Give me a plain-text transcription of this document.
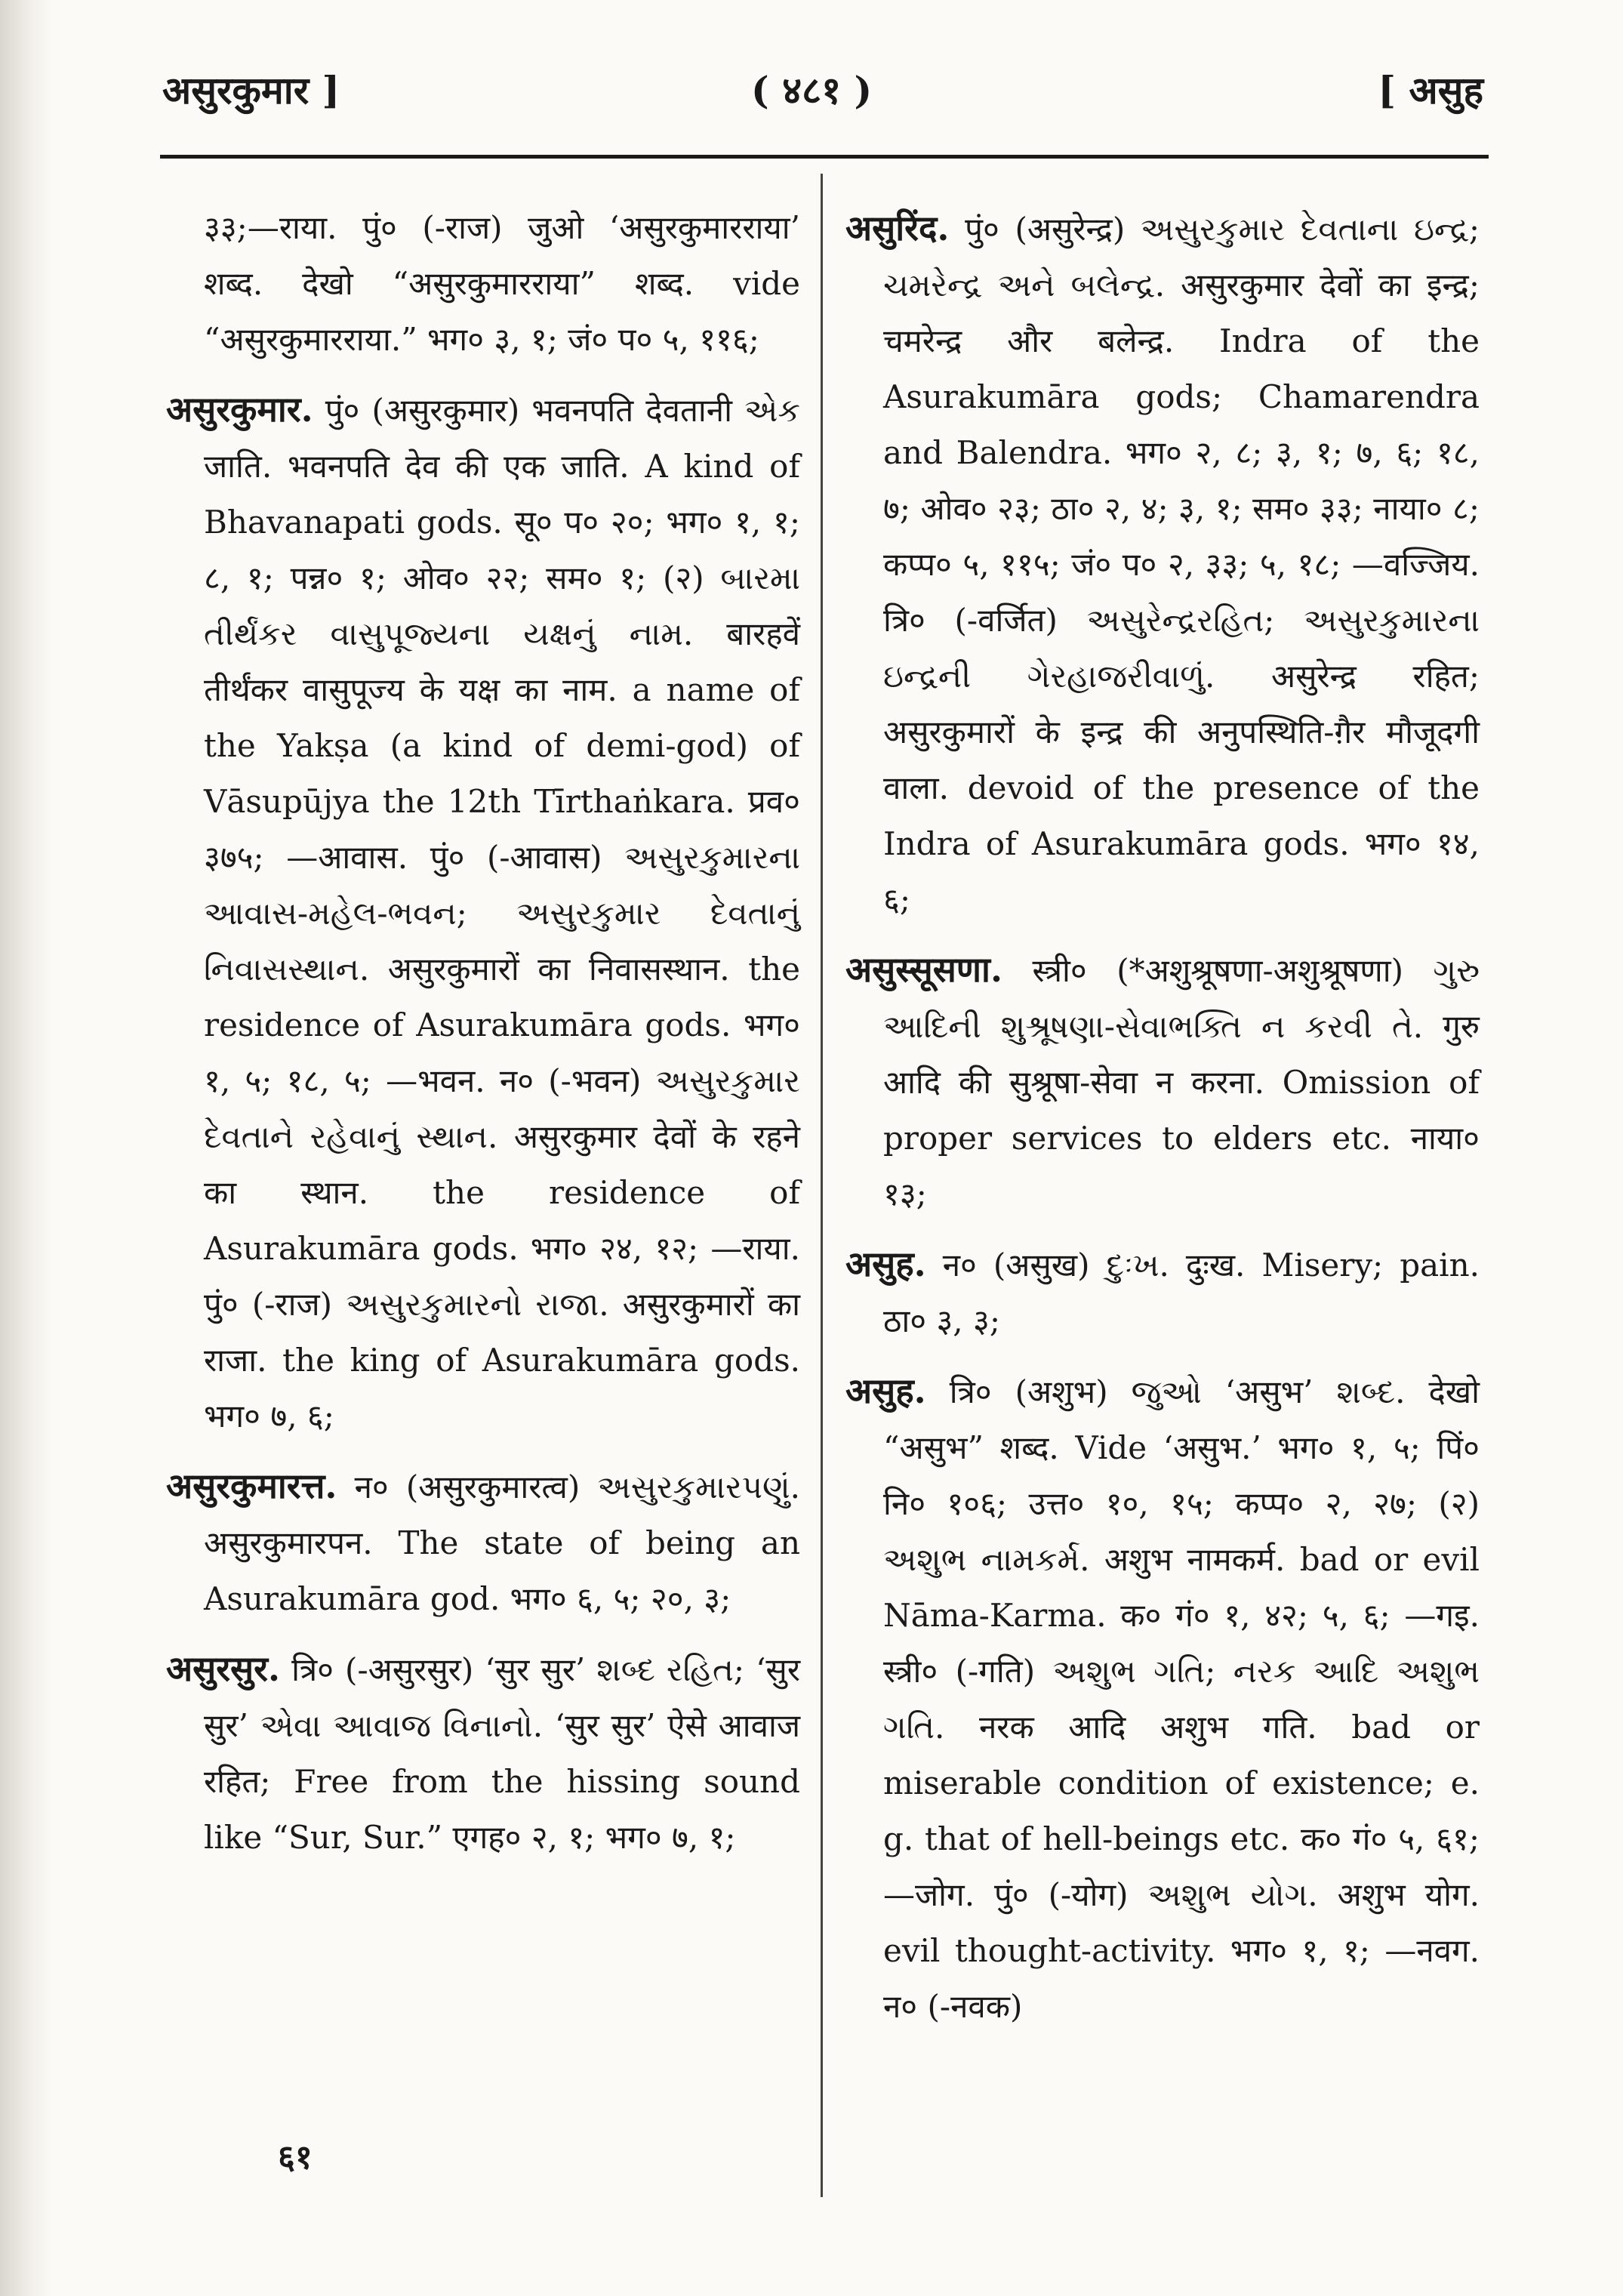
असुरकुमार ]	( ४८१ )	[ असुह

३३;—राया. पुं० (-राज) जुओ ‘असुरकुमारराया’ शब्द. देखो “असुरकुमारराया” शब्द. vide “असुरकुमारराया.” भग० ३, १; जं० प० ५, ११६;

असुरकुमार. पुं० (असुरकुमार) भवनपति देवतानी એક जाति. भवनपति देव की एक जाति. A kind of Bhavanapati gods. सू० प० २०; भग० १, १; ८, १; पन्न० १; ओव० २२; सम० १; (२) બારમા તીર્થંકર વાસુપૂજ્યના યક્ષનું નામ. बारहवें तीर्थंकर वासुपूज्य के यक्ष का नाम. a name of the Yakṣa (a kind of demi-god) of Vāsupūjya the 12th Tīrthaṅkara. प्रव० ३७५; —आवास. पुं० (-आवास) અસુરકુમારના આવાસ-મહેલ-ભવન; અસુરકુમાર દેવતાનું નિવાસસ્થાન. असुरकुमारों का निवासस्थान. the residence of Asurakumāra gods. भग० १, ५; १८, ५; —भवन. न० (-भवन) અસુરકુમાર દેવતાને રહેવાનું સ્થાન. असुरकुमार देवों के रहने का स्थान. the residence of Asurakumāra gods. भग० २४, १२; —राया. पुं० (-राज) અસુરકુમારનો રાજા. असुरकुमारों का राजा. the king of Asurakumāra gods. भग० ७, ६;

असुरकुमारत्त. न० (असुरकुमारत्व) અસુરકુમારપણું. असुरकुमारपन. The state of being an Asurakumāra god. भग० ६, ५; २०, ३;

असुरसुर. त्रि० (-असुरसुर) ‘सुर सुर’ શબ્દ રહિત; ‘सुर सुर’ એવા આવાજ વિનાનો. ‘सुर सुर’ ऐसे आवाज रहित; Free from the hissing sound like “Sur, Sur.” एगह० २, १; भग० ७, १;

असुरिंद. पुं० (असुरेन्द्र) અસુરકુમાર દેવતાના ઇન્દ્ર; ચમરેન્દ્ર અને બલેન્દ્ર. असुरकुमार देवों का इन्द्र; चमरेन्द्र और बलेन्द्र. Indra of the Asurakumāra gods; Chamarendra and Balendra. भग० २, ८; ३, १; ७, ६; १८, ७; ओव० २३; ठा० २, ४; ३, १; सम० ३३; नाया० ८; कप्प० ५, ११५; जं० प० २, ३३; ५, १८; —वज्जिय. त्रि० (-वर्जित) અસુરેન્દ્રરહિત; અસુરકુમારના ઇન્દ્રની ગેરહાજરીવાળું. असुरेन्द्र रहित; असुरकुमारों के इन्द्र की अनुपस्थिति-ग़ैर मौजूदगी वाला. devoid of the presence of the Indra of Asurakumāra gods. भग० १४, ६;

असुस्सूसणा. स्त्री० (*अशुश्रूषणा-अशुश्रूषणा) ગુરુ આદિની શુશ્રૂષણા-સેવાભક્તિ ન કરવી તે. गुरु आदि की सुश्रूषा-सेवा न करना. Omission of proper services to elders etc. नाया० १३;

असुह. न० (असुख) દુઃખ. दुःख. Misery; pain. ठा० ३, ३;

असुह. त्रि० (अशुभ) જુઓ ‘असुभ’ શબ્દ. देखो “असुभ” शब्द. Vide ‘असुभ.’ भग० १, ५; पिं० नि० १०६; उत्त० १०, १५; कप्प० २, २७; (२) અશુભ નામકર્મ. अशुभ नामकर्म. bad or evil Nāma-Karma. क० गं० १, ४२; ५, ६; —गइ. स्त्री० (-गति) અશુભ ગતિ; નરક આદિ અશુભ ગતિ. नरक आदि अशुभ गति. bad or miserable condition of existence; e. g. that of hell-beings etc. क० गं० ५, ६१; —जोग. पुं० (-योग) અશુભ યોગ. अशुभ योग. evil thought-activity. भग० १, १; —नवग. न० (-नवक)

६१
